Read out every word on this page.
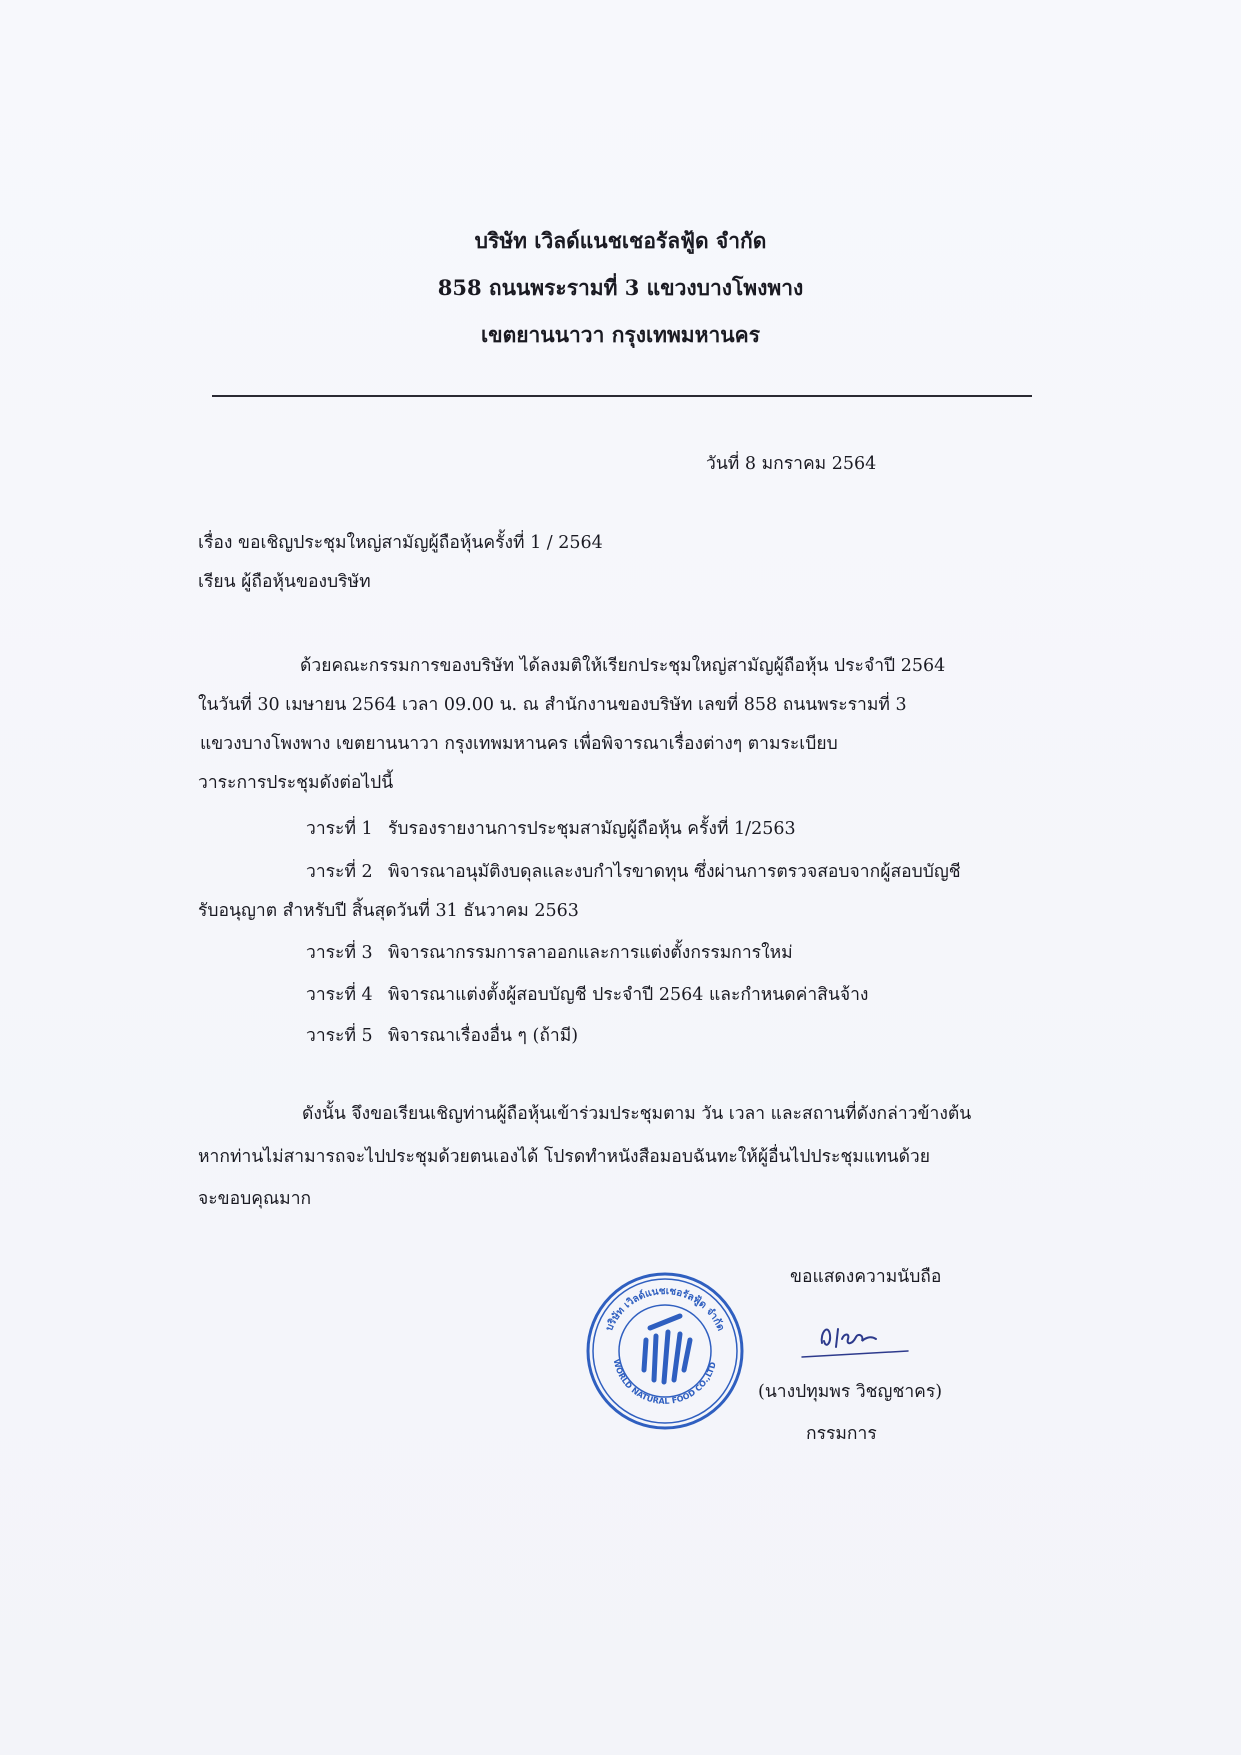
บริษัท เวิลด์แนชเชอรัลฟู้ด จำกัด
858 ถนนพระรามที่ 3 แขวงบางโพงพาง
เขตยานนาวา กรุงเทพมหานคร
วันที่ 8 มกราคม 2564
เรื่อง ขอเชิญประชุมใหญ่สามัญผู้ถือหุ้นครั้งที่ 1 / 2564
เรียน ผู้ถือหุ้นของบริษัท
ด้วยคณะกรรมการของบริษัท ได้ลงมติให้เรียกประชุมใหญ่สามัญผู้ถือหุ้น ประจำปี 2564
ในวันที่ 30 เมษายน 2564 เวลา 09.00 น. ณ สำนักงานของบริษัท เลขที่ 858 ถนนพระรามที่ 3
แขวงบางโพงพาง เขตยานนาวา กรุงเทพมหานคร เพื่อพิจารณาเรื่องต่างๆ ตามระเบียบ
วาระการประชุมดังต่อไปนี้
วาระที่ 1 รับรองรายงานการประชุมสามัญผู้ถือหุ้น ครั้งที่ 1/2563
วาระที่ 2 พิจารณาอนุมัติงบดุลและงบกำไรขาดทุน ซึ่งผ่านการตรวจสอบจากผู้สอบบัญชี
รับอนุญาต สำหรับปี สิ้นสุดวันที่ 31 ธันวาคม 2563
วาระที่ 3 พิจารณากรรมการลาออกและการแต่งตั้งกรรมการใหม่
วาระที่ 4 พิจารณาแต่งตั้งผู้สอบบัญชี ประจำปี 2564 และกำหนดค่าสินจ้าง
วาระที่ 5 พิจารณาเรื่องอื่น ๆ (ถ้ามี)
ดังนั้น จึงขอเรียนเชิญท่านผู้ถือหุ้นเข้าร่วมประชุมตาม วัน เวลา และสถานที่ดังกล่าวข้างต้น
หากท่านไม่สามารถจะไปประชุมด้วยตนเองได้ โปรดทำหนังสือมอบฉันทะให้ผู้อื่นไปประชุมแทนด้วย
จะขอบคุณมาก
ขอแสดงความนับถือ
(นางปทุมพร วิชญชาคร)
กรรมการ
บริษัท เวิลด์แนชเชอรัลฟู้ด จำกัด
WORLD NATURAL FOOD CO.,LTD
